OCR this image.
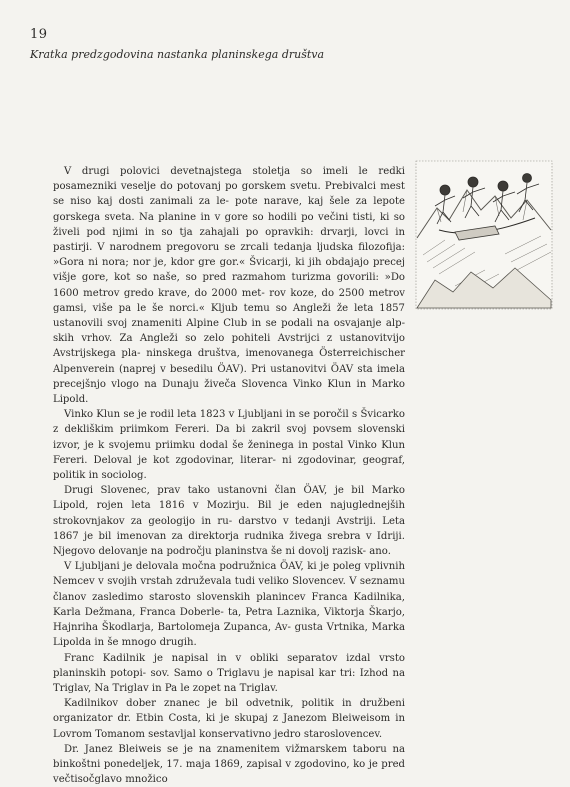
19
Kratka predzgodovina nastanka planinskega društva

V drugi polovici devetnajstega stoletja so imeli le redki posamezniki veselje do potovanj po gorskem svetu. Prebivalci mest se niso kaj dosti zanimali za le- pote narave, kaj šele za lepote gorskega sveta. Na planine in v gore so hodili po večini tisti, ki so živeli pod njimi in so tja zahajali po opravkih: drvarji, lovci in pastirji. V narodnem pregovoru se zrcali tedanja ljudska filozofija: »Gora ni nora; nor je, kdor gre gor.« Švicarji, ki jih obdajajo precej višje gore, kot so naše, so pred razmahom turizma govorili: »Do 1600 metrov gredo krave, do 2000 met- rov koze, do 2500 metrov gamsi, više pa le še norci.« Kljub temu so Angleži že leta 1857 ustanovili svoj znameniti Alpine Club in se podali na osvajanje alp- skih vrhov. Za Angleži so zelo pohiteli Avstrijci z ustanovitvijo Avstrijskega pla- ninskega društva, imenovanega Österreichischer Alpenverein (naprej v besedilu ÖAV). Pri ustanovitvi ÖAV sta imela precejšnjo vlogo na Dunaju živeča Slovenca Vinko Klun in Marko Lipold.

Vinko Klun se je rodil leta 1823 v Ljubljani in se poročil s Švicarko z dekliškim priimkom Fereri. Da bi zakril svoj povsem slovenski izvor, je k svojemu priimku dodal še ženinega in postal Vinko Klun Fereri. Deloval je kot zgodovinar, literar- ni zgodovinar, geograf, politik in sociolog.

Drugi Slovenec, prav tako ustanovni član ÖAV, je bil Marko Lipold, rojen leta 1816 v Mozirju. Bil je eden najuglednejših strokovnjakov za geologijo in ru- darstvo v tedanji Avstriji. Leta 1867 je bil imenovan za direktorja rudnika živega srebra v Idriji. Njegovo delovanje na področju planinstva še ni dovolj razisk- ano.

V Ljubljani je delovala močna podružnica ÖAV, ki je poleg vplivnih Nemcev v svojih vrstah združevala tudi veliko Slovencev. V seznamu članov zasledimo starosto slovenskih planincev Franca Kadilnika, Karla Dežmana, Franca Doberle- ta, Petra Laznika, Viktorja Škarjo, Hajnriha Škodlarja, Bartolomeja Zupanca, Av- gusta Vrtnika, Marka Lipolda in še mnogo drugih.

Franc Kadilnik je napisal in v obliki separatov izdal vrsto planinskih potopi- sov. Samo o Triglavu je napisal kar tri: Izhod na Triglav, Na Triglav in Pa le zopet na Triglav.

Kadilnikov dober znanec je bil odvetnik, politik in družbeni organizator dr. Etbin Costa, ki je skupaj z Janezom Bleiweisom in Lovrom Tomanom sestavljal konservativno jedro staroslovencev.

Dr. Janez Bleiweis se je na znamenitem vižmarskem taboru na binkoštni ponedeljek, 17. maja 1869, zapisal v zgodovino, ko je pred večtisočglavo množico
